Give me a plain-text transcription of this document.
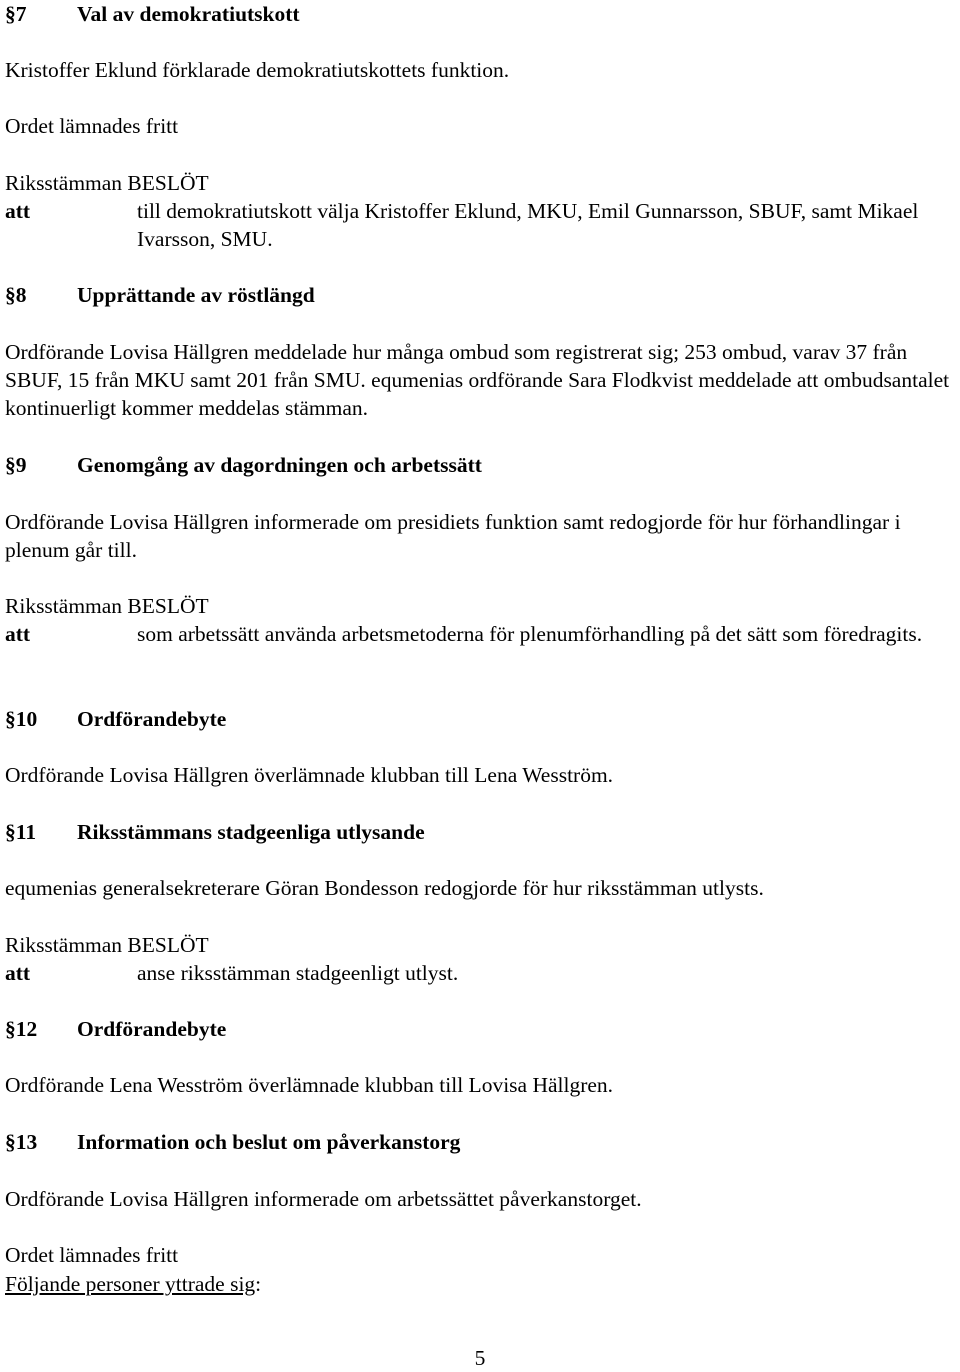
§7 Val av demokratiutskott
Kristoffer Eklund förklarade demokratiutskottets funktion.
Ordet lämnades fritt
Riksstämman BESLÖT
att	till demokratiutskott välja Kristoffer Eklund, MKU, Emil Gunnarsson, SBUF, samt Mikael Ivarsson, SMU.
§8 Upprättande av röstlängd
Ordförande Lovisa Hällgren meddelade hur många ombud som registrerat sig; 253 ombud, varav 37 från SBUF, 15 från MKU samt 201 från SMU. equmenias ordförande Sara Flodkvist meddelade att ombudsantalet kontinuerligt kommer meddelas stämman.
§9 Genomgång av dagordningen och arbetssätt
Ordförande Lovisa Hällgren informerade om presidiets funktion samt redogjorde för hur förhandlingar i plenum går till.
Riksstämman BESLÖT
att	som arbetssätt använda arbetsmetoderna för plenumförhandling på det sätt som föredragits.
§10 Ordförandebyte
Ordförande Lovisa Hällgren överlämnade klubban till Lena Wesström.
§11 Riksstämmans stadgeenliga utlysande
equmenias generalsekreterare Göran Bondesson redogjorde för hur riksstämman utlysts.
Riksstämman BESLÖT
att	anse riksstämman stadgeenligt utlyst.
§12 Ordförandebyte
Ordförande Lena Wesström överlämnade klubban till Lovisa Hällgren.
§13 Information och beslut om påverkanstorg
Ordförande Lovisa Hällgren informerade om arbetssättet påverkanstorget.
Ordet lämnades fritt
Följande personer yttrade sig:
5
